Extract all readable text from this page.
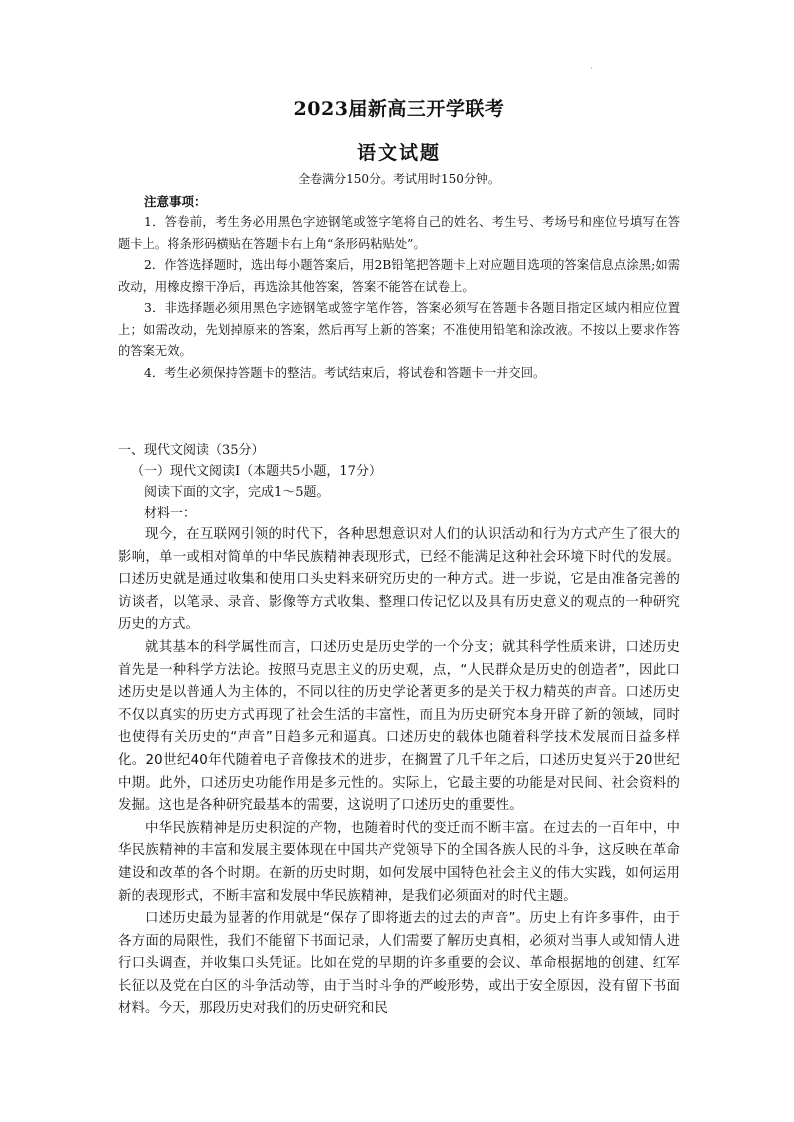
·
2023届新高三开学联考
语文试题

全卷满分150分。考试用时150分钟。

注意事项：

1．答卷前，考生务必用黑色字迹钢笔或签字笔将自己的姓名、考生号、考场号和座位号填写在答题卡上。将条形码横贴在答题卡右上角“条形码粘贴处”。

2．作答选择题时，选出每小题答案后，用2B铅笔把答题卡上对应题目选项的答案信息点涂黑;如需改动，用橡皮擦干净后，再选涂其他答案，答案不能答在试卷上。

3．非选择题必须用黑色字迹钢笔或签字笔作答，答案必须写在答题卡各题目指定区域内相应位置上；如需改动，先划掉原来的答案，然后再写上新的答案；不准使用铅笔和涂改液。不按以上要求作答的答案无效。

4．考生必须保持答题卡的整洁。考试结束后，将试卷和答题卡一并交回。

一、现代文阅读（35分）

（一）现代文阅读Ⅰ（本题共5小题，17分）

阅读下面的文字，完成1～5题。

材料一：

现今，在互联网引领的时代下，各种思想意识对人们的认识活动和行为方式产生了很大的影响，单一或相对简单的中华民族精神表现形式，已经不能满足这种社会环境下时代的发展。口述历史就是通过收集和使用口头史料来研究历史的一种方式。进一步说，它是由准备完善的访谈者，以笔录、录音、影像等方式收集、整理口传记忆以及具有历史意义的观点的一种研究历史的方式。

就其基本的科学属性而言，口述历史是历史学的一个分支；就其科学性质来讲，口述历史首先是一种科学方法论。按照马克思主义的历史观，点，“人民群众是历史的创造者”，因此口述历史是以普通人为主体的，不同以往的历史学论著更多的是关于权力精英的声音。口述历史不仅以真实的历史方式再现了社会生活的丰富性，而且为历史研究本身开辟了新的领域，同时也使得有关历史的“声音”日趋多元和逼真。口述历史的载体也随着科学技术发展而日益多样化。20世纪40年代随着电子音像技术的进步，在搁置了几千年之后，口述历史复兴于20世纪中期。此外，口述历史功能作用是多元性的。实际上，它最主要的功能是对民间、社会资料的发掘。这也是各种研究最基本的需要，这说明了口述历史的重要性。

中华民族精神是历史积淀的产物，也随着时代的变迁而不断丰富。在过去的一百年中，中华民族精神的丰富和发展主要体现在中国共产党领导下的全国各族人民的斗争，这反映在革命建设和改革的各个时期。在新的历史时期，如何发展中国特色社会主义的伟大实践，如何运用新的表现形式，不断丰富和发展中华民族精神，是我们必须面对的时代主题。

口述历史最为显著的作用就是“保存了即将逝去的过去的声音”。历史上有许多事件，由于各方面的局限性，我们不能留下书面记录，人们需要了解历史真相，必须对当事人或知情人进行口头调查，并收集口头凭证。比如在党的早期的许多重要的会议、革命根据地的创建、红军长征以及党在白区的斗争活动等，由于当时斗争的严峻形势，或出于安全原因，没有留下书面材料。今天，那段历史对我们的历史研究和民
